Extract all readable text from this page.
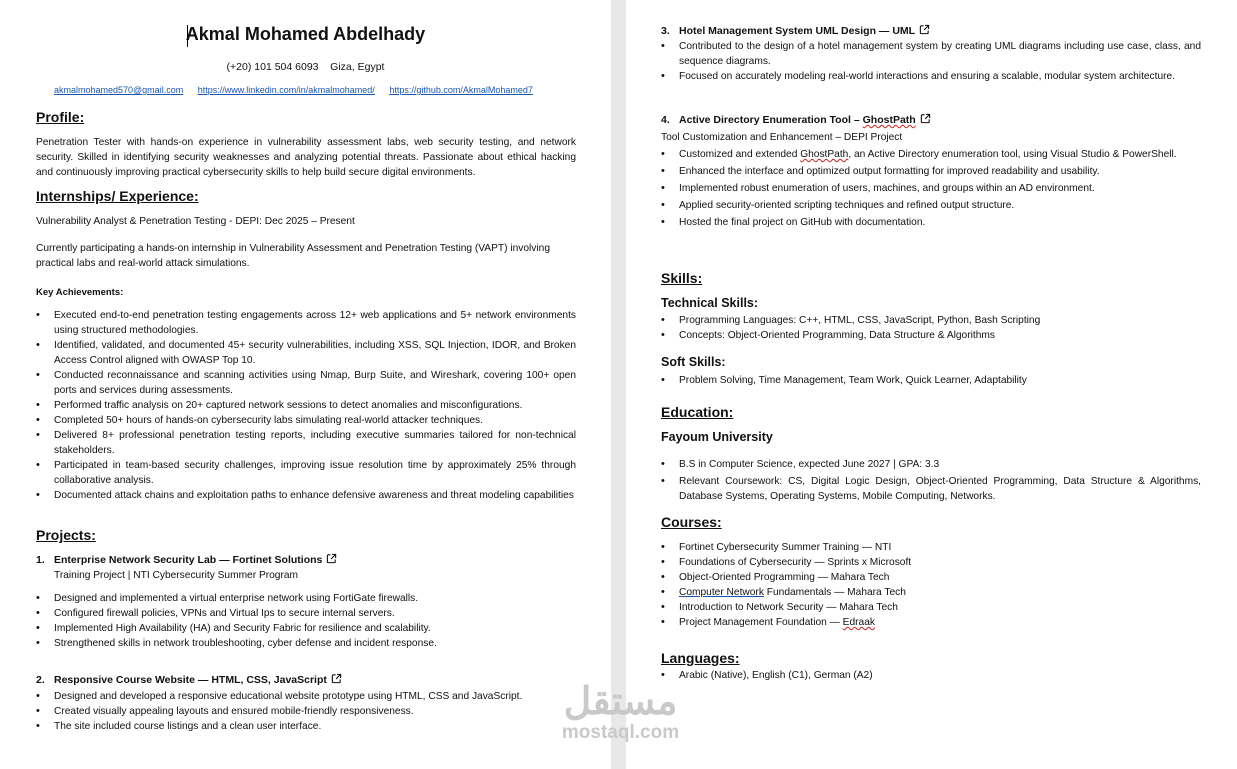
Akmal Mohamed Abdelhady
(+20) 101 504 6093 Giza, Egypt
akmalmohamed570@gmail.com https://www.linkedin.com/in/akmalmohamed/ https://github.com/AkmalMohamed7
Profile:
Penetration Tester with hands-on experience in vulnerability assessment labs, web security testing, and network security. Skilled in identifying security weaknesses and analyzing potential threats. Passionate about ethical hacking and continuously improving practical cybersecurity skills to help build secure digital environments.
Internships/ Experience:
Vulnerability Analyst & Penetration Testing - DEPI: Dec 2025 – Present
Currently participating a hands-on internship in Vulnerability Assessment and Penetration Testing (VAPT) involving practical labs and real-world attack simulations.
Key Achievements:
• Executed end-to-end penetration testing engagements across 12+ web applications and 5+ network environments using structured methodologies.
• Identified, validated, and documented 45+ security vulnerabilities, including XSS, SQL Injection, IDOR, and Broken Access Control aligned with OWASP Top 10.
• Conducted reconnaissance and scanning activities using Nmap, Burp Suite, and Wireshark, covering 100+ open ports and services during assessments.
• Performed traffic analysis on 20+ captured network sessions to detect anomalies and misconfigurations.
• Completed 50+ hours of hands-on cybersecurity labs simulating real-world attacker techniques.
• Delivered 8+ professional penetration testing reports, including executive summaries tailored for non-technical stakeholders.
• Participated in team-based security challenges, improving issue resolution time by approximately 25% through collaborative analysis.
• Documented attack chains and exploitation paths to enhance defensive awareness and threat modeling capabilities
Projects:
1. Enterprise Network Security Lab — Fortinet Solutions
Training Project | NTI Cybersecurity Summer Program
• Designed and implemented a virtual enterprise network using FortiGate firewalls.
• Configured firewall policies, VPNs and Virtual Ips to secure internal servers.
• Implemented High Availability (HA) and Security Fabric for resilience and scalability.
• Strengthened skills in network troubleshooting, cyber defense and incident response.
2. Responsive Course Website — HTML, CSS, JavaScript
• Designed and developed a responsive educational website prototype using HTML, CSS and JavaScript.
• Created visually appealing layouts and ensured mobile-friendly responsiveness.
• The site included course listings and a clean user interface.
3. Hotel Management System UML Design — UML
• Contributed to the design of a hotel management system by creating UML diagrams including use case, class, and sequence diagrams.
• Focused on accurately modeling real-world interactions and ensuring a scalable, modular system architecture.
4. Active Directory Enumeration Tool – GhostPath
Tool Customization and Enhancement – DEPI Project
• Customized and extended GhostPath, an Active Directory enumeration tool, using Visual Studio & PowerShell.
• Enhanced the interface and optimized output formatting for improved readability and usability.
• Implemented robust enumeration of users, machines, and groups within an AD environment.
• Applied security-oriented scripting techniques and refined output structure.
• Hosted the final project on GitHub with documentation.
Skills:
Technical Skills:
• Programming Languages: C++, HTML, CSS, JavaScript, Python, Bash Scripting
• Concepts: Object-Oriented Programming, Data Structure & Algorithms
Soft Skills:
• Problem Solving, Time Management, Team Work, Quick Learner, Adaptability
Education:
Fayoum University
• B.S in Computer Science, expected June 2027 | GPA: 3.3
• Relevant Coursework: CS, Digital Logic Design, Object-Oriented Programming, Data Structure & Algorithms, Database Systems, Operating Systems, Mobile Computing, Networks.
Courses:
• Fortinet Cybersecurity Summer Training — NTI
• Foundations of Cybersecurity — Sprints x Microsoft
• Object-Oriented Programming — Mahara Tech
• Computer Network Fundamentals — Mahara Tech
• Introduction to Network Security — Mahara Tech
• Project Management Foundation — Edraak
Languages:
• Arabic (Native), English (C1), German (A2)
مستقل
mostaql.com
